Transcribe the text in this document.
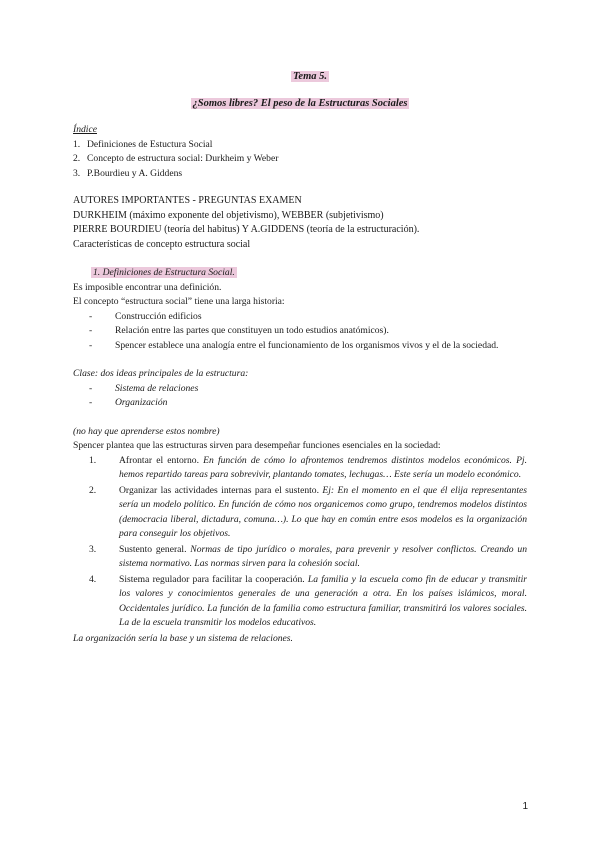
Tema 5.
¿Somos libres? El peso de la Estructuras Sociales
Índice
1. Definiciones de Estuctura Social
2. Concepto de estructura social: Durkheim y Weber
3. P.Bourdieu y A. Giddens
AUTORES IMPORTANTES - PREGUNTAS EXAMEN
DURKHEIM (máximo exponente del objetivismo), WEBBER (subjetivismo)
PIERRE BOURDIEU (teoría del habitus) Y A.GIDDENS (teoría de la estructuración).
Características de concepto estructura social
1. Definiciones de Estructura Social.
Es imposible encontrar una definición.
El concepto “estructura social” tiene una larga historia:
-	Construcción edificios
-	Relación entre las partes que constituyen un todo estudios anatómicos).
-	Spencer establece una analogía entre el funcionamiento de los organismos vivos y el de la sociedad.
Clase: dos ideas principales de la estructura:
-	Sistema de relaciones
-	Organización
(no hay que aprenderse estos nombre)
Spencer plantea que las estructuras sirven para desempeñar funciones esenciales en la sociedad:
1.	Afrontar el entorno. En función de cómo lo afrontemos tendremos distintos modelos económicos. Pj. hemos repartido tareas para sobrevivir, plantando tomates, lechugas… Este sería un modelo económico.
2.	Organizar las actividades internas para el sustento. Ej: En el momento en el que él elija representantes sería un modelo político. En función de cómo nos organicemos como grupo, tendremos modelos distintos (democracia liberal, dictadura, comuna…). Lo que hay en común entre esos modelos es la organización para conseguir los objetivos.
3.	Sustento general. Normas de tipo jurídico o morales, para prevenir y resolver conflictos. Creando un sistema normativo. Las normas sirven para la cohesión social.
4.	Sistema regulador para facilitar la cooperación. La familia y la escuela como fin de educar y transmitir los valores y conocimientos generales de una generación a otra. En los países islámicos, moral. Occidentales jurídico. La función de la familia como estructura familiar, transmitirá los valores sociales. La de la escuela transmitir los modelos educativos.
La organización sería la base y un sistema de relaciones.
1
